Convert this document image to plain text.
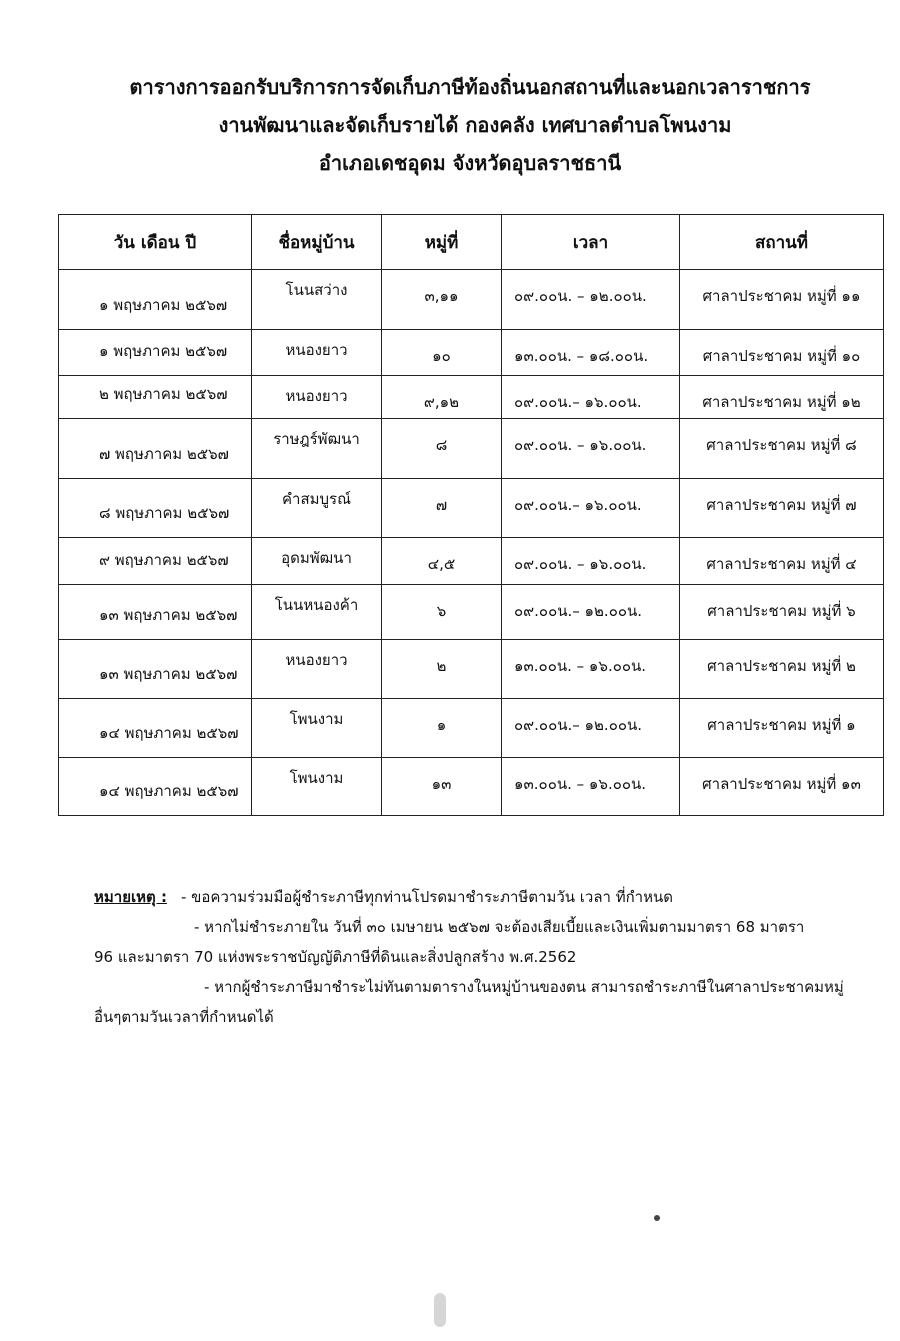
ตารางการออกรับบริการการจัดเก็บภาษีท้องถิ่นนอกสถานที่และนอกเวลาราชการ
งานพัฒนาและจัดเก็บรายได้ กองคลัง เทศบาลตำบลโพนงาม
อำเภอเดชอุดม จังหวัดอุบลราชธานี
วัน เดือน ปี	ชื่อหมู่บ้าน	หมู่ที่	เวลา	สถานที่

๑ พฤษภาคม ๒๕๖๗	โนนสว่าง	๓,๑๑	๐๙.๐๐น. – ๑๒.๐๐น.	ศาลาประชาคม หมู่ที่ ๑๑

๑ พฤษภาคม ๒๕๖๗	หนองยาว	๑๐	๑๓.๐๐น. – ๑๘.๐๐น.	ศาลาประชาคม หมู่ที่ ๑๐

๒ พฤษภาคม ๒๕๖๗	หนองยาว	๙,๑๒	๐๙.๐๐น.– ๑๖.๐๐น.	ศาลาประชาคม หมู่ที่ ๑๒

๗ พฤษภาคม ๒๕๖๗	ราษฎร์พัฒนา	๘	๐๙.๐๐น. – ๑๖.๐๐น.	ศาลาประชาคม หมู่ที่ ๘

๘ พฤษภาคม ๒๕๖๗	คำสมบูรณ์	๗	๐๙.๐๐น.– ๑๖.๐๐น.	ศาลาประชาคม หมู่ที่ ๗

๙ พฤษภาคม ๒๕๖๗	อุดมพัฒนา	๔,๕	๐๙.๐๐น. – ๑๖.๐๐น.	ศาลาประชาคม หมู่ที่ ๔

๑๓ พฤษภาคม ๒๕๖๗	โนนหนองค้า	๖	๐๙.๐๐น.– ๑๒.๐๐น.	ศาลาประชาคม หมู่ที่ ๖

๑๓ พฤษภาคม ๒๕๖๗	หนองยาว	๒	๑๓.๐๐น. – ๑๖.๐๐น.	ศาลาประชาคม หมู่ที่ ๒

๑๔ พฤษภาคม ๒๕๖๗	โพนงาม	๑	๐๙.๐๐น.– ๑๒.๐๐น.	ศาลาประชาคม หมู่ที่ ๑

๑๔ พฤษภาคม ๒๕๖๗	โพนงาม	๑๓	๑๓.๐๐น. – ๑๖.๐๐น.	ศาลาประชาคม หมู่ที่ ๑๓
หมายเหตุ : - ขอความร่วมมือผู้ชำระภาษีทุกท่านโปรดมาชำระภาษีตามวัน เวลา ที่กำหนด
- หากไม่ชำระภายใน วันที่ ๓๐ เมษายน ๒๕๖๗ จะต้องเสียเบี้ยและเงินเพิ่มตามมาตรา 68 มาตรา
96 และมาตรา 70 แห่งพระราชบัญญัติภาษีที่ดินและสิ่งปลูกสร้าง พ.ศ.2562
- หากผู้ชำระภาษีมาชำระไม่ทันตามตารางในหมู่บ้านของตน สามารถชำระภาษีในศาลาประชาคมหมู่
อื่นๆตามวันเวลาที่กำหนดได้
